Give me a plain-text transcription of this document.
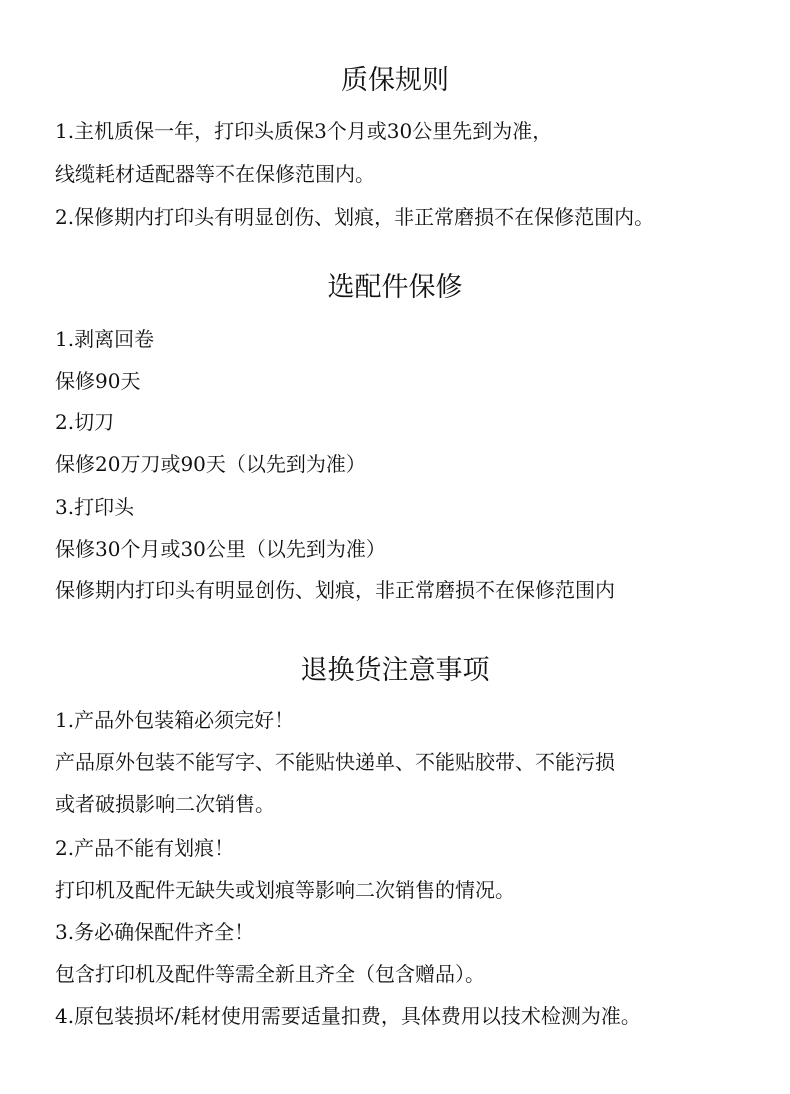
质保规则

1.主机质保一年，打印头质保3个月或30公里先到为准，

线缆耗材适配器等不在保修范围内。

2.保修期内打印头有明显创伤、划痕，非正常磨损不在保修范围内。

选配件保修

1.剥离回卷

保修90天

2.切刀

保修20万刀或90天（以先到为准）

3.打印头

保修30个月或30公里（以先到为准）

保修期内打印头有明显创伤、划痕，非正常磨损不在保修范围内

退换货注意事项

1.产品外包装箱必须完好！

产品原外包装不能写字、不能贴快递单、不能贴胶带、不能污损

或者破损影响二次销售。

2.产品不能有划痕！

打印机及配件无缺失或划痕等影响二次销售的情况。

3.务必确保配件齐全！

包含打印机及配件等需全新且齐全（包含赠品）。

4.原包装损坏/耗材使用需要适量扣费，具体费用以技术检测为准。
